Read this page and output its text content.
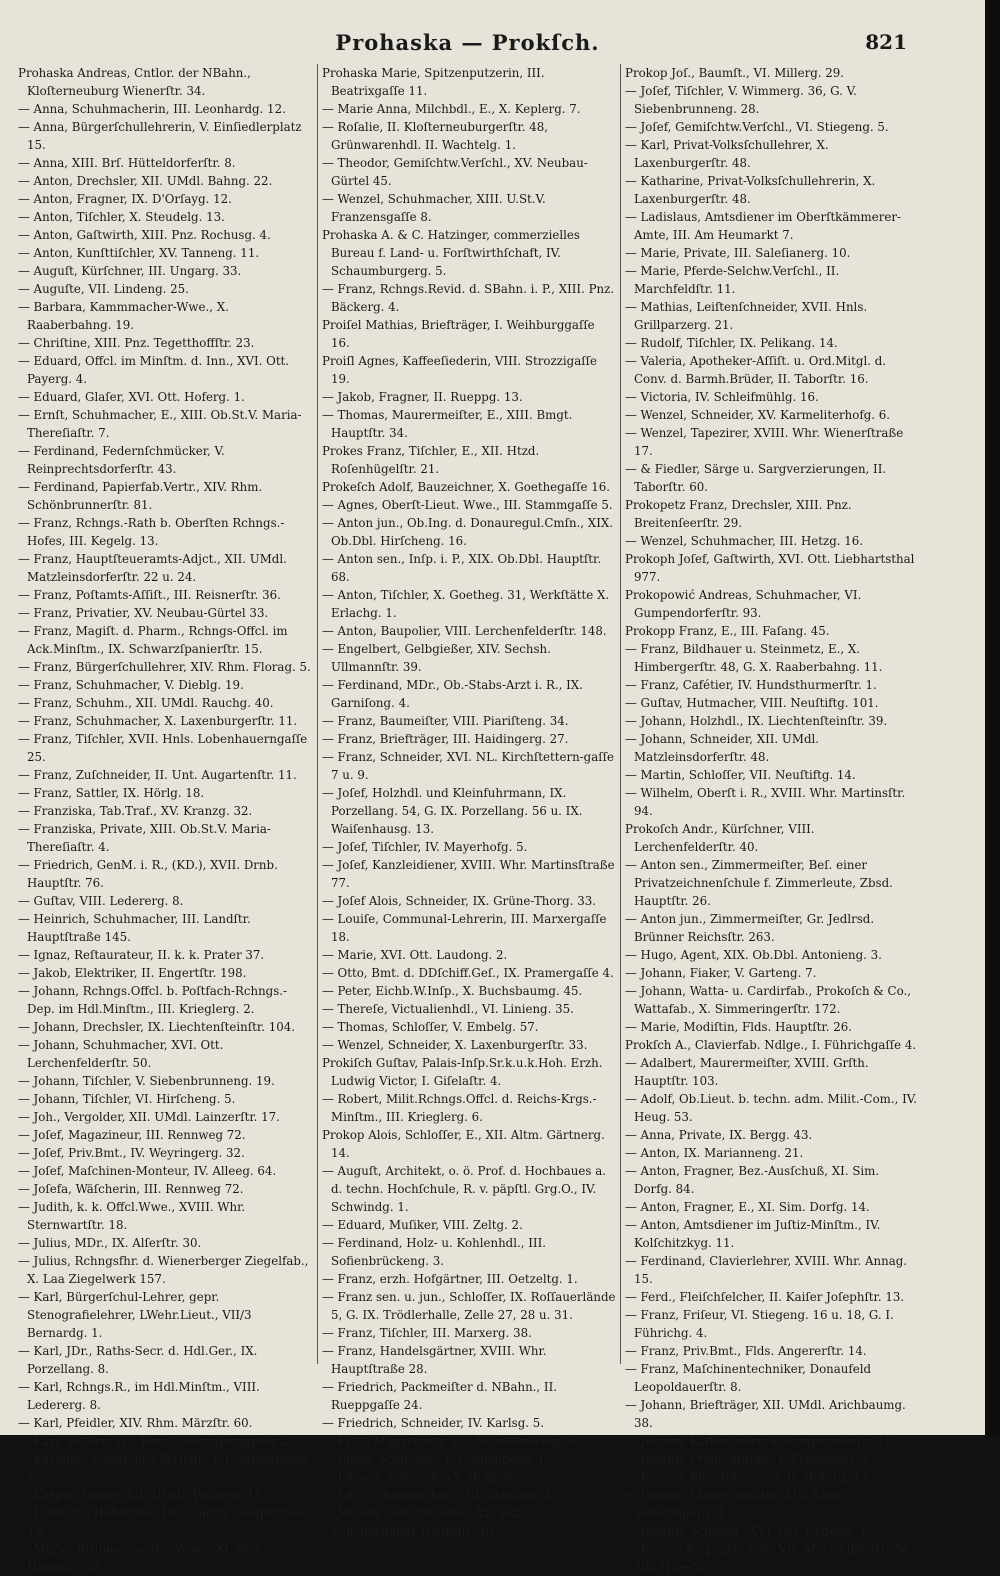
Prohaska — Prokſch.	821

Prohaska Andreas, Cntlor. der NBahn., Kloſterneuburg Wienerſtr. 34.

— Anna, Schuhmacherin, III. Leonhardg. 12.

— Anna, Bürgerſchullehrerin, V. Einſiedlerplatz 15.

— Anna, XIII. Brſ. Hütteldorferſtr. 8.

— Anton, Drechsler, XII. UMdl. Bahng. 22.

— Anton, Fragner, IX. D'Orſayg. 12.

— Anton, Tiſchler, X. Steudelg. 13.

— Anton, Gaſtwirth, XIII. Pnz. Rochusg. 4.

— Anton, Kunſttiſchler, XV. Tanneng. 11.

— Auguſt, Kürſchner, III. Ungarg. 33.

— Auguſte, VII. Lindeng. 25.

— Barbara, Kammmacher-Wwe., X. Raaberbahng. 19.

— Chriſtine, XIII. Pnz. Tegetthoffſtr. 23.

— Eduard, Offcl. im Minſtm. d. Inn., XVI. Ott. Payerg. 4.

— Eduard, Glaſer, XVI. Ott. Hoferg. 1.

— Ernſt, Schuhmacher, E., XIII. Ob.St.V. Maria-Thereſiaſtr. 7.

— Ferdinand, Federnſchmücker, V. Reinprechtsdorferſtr. 43.

— Ferdinand, Papierfab.Vertr., XIV. Rhm. Schönbrunnerſtr. 81.

— Franz, Rchngs.-Rath b. Oberſten Rchngs.-Hofes, III. Kegelg. 13.

— Franz, Hauptſteueramts-Adjct., XII. UMdl. Matzleinsdorferſtr. 22 u. 24.

— Franz, Poſtamts-Aſſiſt., III. Reisnerſtr. 36.

— Franz, Privatier, XV. Neubau-Gürtel 33.

— Franz, Magiſt. d. Pharm., Rchngs-Offcl. im Ack.Minſtm., IX. Schwarzſpanierſtr. 15.

— Franz, Bürgerſchullehrer, XIV. Rhm. Florag. 5.

— Franz, Schuhmacher, V. Dieblg. 19.

— Franz, Schuhm., XII. UMdl. Rauchg. 40.

— Franz, Schuhmacher, X. Laxenburgerſtr. 11.

— Franz, Tiſchler, XVII. Hnls. Lobenhauerngaſſe 25.

— Franz, Zuſchneider, II. Unt. Augartenſtr. 11.

— Franz, Sattler, IX. Hörlg. 18.

— Franziska, Tab.Traf., XV. Kranzg. 32.

— Franziska, Private, XIII. Ob.St.V. Maria-Thereſiaſtr. 4.

— Friedrich, GenM. i. R., (KD.), XVII. Drnb. Hauptſtr. 76.

— Guſtav, VIII. Ledererg. 8.

— Heinrich, Schuhmacher, III. Landſtr. Hauptſtraße 145.

— Ignaz, Reſtaurateur, II. k. k. Prater 37.

— Jakob, Elektriker, II. Engertſtr. 198.

— Johann, Rchngs.Offcl. b. Poſtfach-Rchngs.-Dep. im Hdl.Minſtm., III. Krieglerg. 2.

— Johann, Drechsler, IX. Liechtenſteinſtr. 104.

— Johann, Schuhmacher, XVI. Ott. Lerchenfelderſtr. 50.

— Johann, Tiſchler, V. Siebenbrunneng. 19.

— Johann, Tiſchler, VI. Hirſcheng. 5.

— Joh., Vergolder, XII. UMdl. Lainzerſtr. 17.

— Joſef, Magazineur, III. Rennweg 72.

— Joſef, Priv.Bmt., IV. Weyringerg. 32.

— Joſef, Maſchinen-Monteur, IV. Alleeg. 64.

— Joſefa, Wäſcherin, III. Rennweg 72.

— Judith, k. k. Offcl.Wwe., XVIII. Whr. Sternwartſtr. 18.

— Julius, MDr., IX. Alſerſtr. 30.

— Julius, Rchngsfhr. d. Wienerberger Ziegelfab., X. Laa Ziegelwerk 157.

— Karl, Bürgerſchul-Lehrer, gepr. Stenografielehrer, LWehr.Lieut., VII/3 Bernardg. 1.

— Karl, JDr., Raths-Secr. d. Hdl.Ger., IX. Porzellang. 8.

— Karl, Rchngs.R., im Hdl.Minſtm., VIII. Ledererg. 8.

— Karl, Pfeidler, XIV. Rhm. Märzſtr. 60.

— Karl, Sattler, XIV. Rhm. Jollernſperggaſſe 2.

— Karoline, Gemiſchtw.Verſchl., I. Leinfaltſtraße 7.

— Kaspar, Weber, XII. UMdl. Walterg. 11.

— Ludmilla, Hebamme, III. Landſtr. Hauptſtraße 18.

— Marie, Brunnenmeiſter-Wwe., XI. Sim. Hauptſtr. 47.

Prohaska Marie, Spitzenputzerin, III. Beatrixgaſſe 11.

— Marie Anna, Milchbdl., E., X. Keplerg. 7.

— Roſalie, II. Kloſterneuburgerſtr. 48, Grünwarenhdl. II. Wachtelg. 1.

— Theodor, Gemiſchtw.Verſchl., XV. Neubau-Gürtel 45.

— Wenzel, Schuhmacher, XIII. U.St.V. Franzensgaſſe 8.

Prohaska A. & C. Hatzinger, commerzielles Bureau f. Land- u. Forſtwirthſchaft, IV. Schaumburgerg. 5.

— Franz, Rchngs.Revid. d. SBahn. i. P., XIII. Pnz. Bäckerg. 4.

Proiſel Mathias, Briefträger, I. Weihburggaſſe 16.

Proiſl Agnes, Kaffeeſiederin, VIII. Strozzigaſſe 19.

— Jakob, Fragner, II. Rueppg. 13.

— Thomas, Maurermeiſter, E., XIII. Bmgt. Hauptſtr. 34.

Prokes Franz, Tiſchler, E., XII. Htzd. Roſenhügelſtr. 21.

Prokeſch Adolf, Bauzeichner, X. Goethegaſſe 16.

— Agnes, Oberſt-Lieut. Wwe., III. Stammgaſſe 5.

— Anton jun., Ob.Ing. d. Donauregul.Cmſn., XIX. Ob.Dbl. Hirſcheng. 16.

— Anton sen., Inſp. i. P., XIX. Ob.Dbl. Hauptſtr. 68.

— Anton, Tiſchler, X. Goetheg. 31, Werkſtätte X. Erlachg. 1.

— Anton, Baupolier, VIII. Lerchenfelderſtr. 148.

— Engelbert, Gelbgießer, XIV. Sechsh. Ullmannſtr. 39.

— Ferdinand, MDr., Ob.-Stabs-Arzt i. R., IX. Garniſong. 4.

— Franz, Baumeiſter, VIII. Piariſteng. 34.

— Franz, Briefträger, III. Haidingerg. 27.

— Franz, Schneider, XVI. NL. Kirchſtettern-gaſſe 7 u. 9.

— Joſef, Holzhdl. und Kleinfuhrmann, IX. Porzellang. 54, G. IX. Porzellang. 56 u. IX. Waiſenhausg. 13.

— Joſef, Tiſchler, IV. Mayerhofg. 5.

— Joſef, Kanzleidiener, XVIII. Whr. Martinsſtraße 77.

— Joſef Alois, Schneider, IX. Grüne-Thorg. 33.

— Louiſe, Communal-Lehrerin, III. Marxergaſſe 18.

— Marie, XVI. Ott. Laudong. 2.

— Otto, Bmt. d. DDſchiff.Geſ., IX. Pramergaſſe 4.

— Peter, Eichb.W.Inſp., X. Buchsbaumg. 45.

— Thereſe, Victualienhdl., VI. Linieng. 35.

— Thomas, Schloſſer, V. Embelg. 57.

— Wenzel, Schneider, X. Laxenburgerſtr. 33.

Prokiſch Guſtav, Palais-Inſp.Sr.k.u.k.Hoh. Erzh. Ludwig Victor, I. Giſelaſtr. 4.

— Robert, Milit.Rchngs.Offcl. d. Reichs-Krgs.-Minſtm., III. Krieglerg. 6.

Prokop Alois, Schloſſer, E., XII. Altm. Gärtnerg. 14.

— Auguſt, Architekt, o. ö. Prof. d. Hochbaues a. d. techn. Hochſchule, R. v. päpſtl. Grg.O., IV. Schwindg. 1.

— Eduard, Muſiker, VIII. Zeltg. 2.

— Ferdinand, Holz- u. Kohlenhdl., III. Sofienbrückeng. 3.

— Franz, erzh. Hofgärtner, III. Oetzeltg. 1.

— Franz sen. u. jun., Schloſſer, IX. Roſſauerlände 5, G. IX. Trödlerhalle, Zelle 27, 28 u. 31.

— Franz, Tiſchler, III. Marxerg. 38.

— Franz, Handelsgärtner, XVIII. Whr. Hauptſtraße 28.

— Friedrich, Packmeiſter d. NBahn., II. Rueppgaſſe 24.

— Friedrich, Schneider, IV. Karlsg. 5.

— Fritz, Magazineur, VII. Schottenfeldg. 6.

— Ignaz, Schneider, I. Grünangerg. 1.

— Johann, Schneider, V. Hofg. 9.

— Joh., Schuhmacher, VIII. Strozzig. 35.

— Johann, Schuhmacher, XII. Gdz. Schönbrunner Hauptſtr. 49.

Prokop Joſ., Baumſt., VI. Millerg. 29.

— Joſef, Tiſchler, V. Wimmerg. 36, G. V. Siebenbrunneng. 28.

— Joſef, Gemiſchtw.Verſchl., VI. Stiegeng. 5.

— Karl, Privat-Volksſchullehrer, X. Laxenburgerſtr. 48.

— Katharine, Privat-Volksſchullehrerin, X. Laxenburgerſtr. 48.

— Ladislaus, Amtsdiener im Oberſtkämmerer-Amte, III. Am Heumarkt 7.

— Marie, Private, III. Saleſianerg. 10.

— Marie, Pferde-Selchw.Verſchl., II. Marchfeldſtr. 11.

— Mathias, Leiſtenſchneider, XVII. Hnls. Grillparzerg. 21.

— Rudolf, Tiſchler, IX. Pelikang. 14.

— Valeria, Apotheker-Aſſiſt. u. Ord.Mitgl. d. Conv. d. Barmh.Brüder, II. Taborſtr. 16.

— Victoria, IV. Schleifmühlg. 16.

— Wenzel, Schneider, XV. Karmeliterhofg. 6.

— Wenzel, Tapezirer, XVIII. Whr. Wienerſtraße 17.

— & Fiedler, Särge u. Sargverzierungen, II. Taborſtr. 60.

Prokopetz Franz, Drechsler, XIII. Pnz. Breitenſeerſtr. 29.

— Wenzel, Schuhmacher, III. Hetzg. 16.

Prokoph Joſef, Gaſtwirth, XVI. Ott. Liebhartsthal 977.

Prokopowić Andreas, Schuhmacher, VI. Gumpendorferſtr. 93.

Prokopp Franz, E., III. Faſang. 45.

— Franz, Bildhauer u. Steinmetz, E., X. Himbergerſtr. 48, G. X. Raaberbahng. 11.

— Franz, Cafétier, IV. Hundsthurmerſtr. 1.

— Guſtav, Hutmacher, VIII. Neuſtiftg. 101.

— Johann, Holzhdl., IX. Liechtenſteinſtr. 39.

— Johann, Schneider, XII. UMdl. Matzleinsdorferſtr. 48.

— Martin, Schloſſer, VII. Neuſtiftg. 14.

— Wilhelm, Oberſt i. R., XVIII. Whr. Martinsſtr. 94.

Prokoſch Andr., Kürſchner, VIII. Lerchenfelderſtr. 40.

— Anton sen., Zimmermeiſter, Beſ. einer Privatzeichnenſchule f. Zimmerleute, Zbsd. Hauptſtr. 26.

— Anton jun., Zimmermeiſter, Gr. Jedlrsd. Brünner Reichsſtr. 263.

— Hugo, Agent, XIX. Ob.Dbl. Antonieng. 3.

— Johann, Fiaker, V. Garteng. 7.

— Johann, Watta- u. Cardirfab., Prokoſch & Co., Wattafab., X. Simmeringerſtr. 172.

— Marie, Modiſtin, Flds. Hauptſtr. 26.

Prokſch A., Clavierfab. Ndlge., I. Führichgaſſe 4.

— Adalbert, Maurermeiſter, XVIII. Grſth. Hauptſtr. 103.

— Adolf, Ob.Lieut. b. techn. adm. Milit.-Com., IV. Heug. 53.

— Anna, Private, IX. Bergg. 43.

— Anton, IX. Marianneng. 21.

— Anton, Fragner, Bez.-Ausſchuß, XI. Sim. Dorfg. 84.

— Anton, Fragner, E., XI. Sim. Dorfg. 14.

— Anton, Amtsdiener im Juſtiz-Minſtm., IV. Kolſchitzkyg. 11.

— Ferdinand, Clavierlehrer, XVIII. Whr. Annag. 15.

— Ferd., Fleiſchſelcher, II. Kaiſer Joſephſtr. 13.

— Franz, Friſeur, VI. Stiegeng. 16 u. 18, G. I. Führichg. 4.

— Franz, Priv.Bmt., Flds. Angererſtr. 14.

— Franz, Maſchinentechniker, Donaufeld Leopoldauerſtr. 8.

— Johann, Briefträger, XII. UMdl. Arichbaumg. 38.

— Johann, Kaffeeſieder, V. Rampersdorfg. 15.

— Johann, Präge-Anſtalt, V. Franzensg. 2.

— Johann, Kleinfuhrmann, II. Hoferg. 13.

— Johann, Maurermeiſter, XIV. Rhm. Schellingerg. 4.

— Johann, Schuhm., XVI. Ott. Degeng. 15.

— Johann K., prakt. Arzt, VII. Mariahilferſtraße 108 (10—5).
